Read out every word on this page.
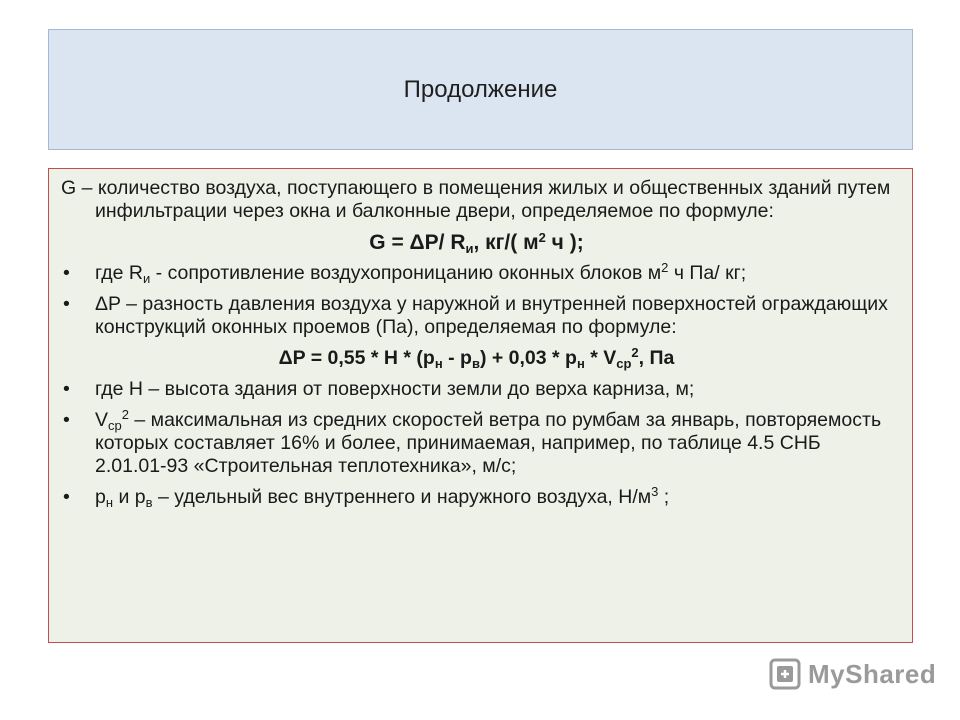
Продолжение

G – количество воздуха, поступающего в помещения жилых и общественных зданий путем инфильтрации через окна и балконные двери, определяемое по формуле:

G = ΔP/ $R_и$, кг/( $м^2$ ч );

• где $R_и$ - сопротивление воздухопроницанию оконных блоков $м^2$ ч Па/ кг;
• ΔP – разность давления воздуха у наружной и внутренней поверхностей ограждающих конструкций оконных проемов (Па), определяемая по формуле:

$\Delta P = 0,55 * H * (p_н - p_в) + 0,03 * p_н * V_{ср}^2$, Па

• где H – высота здания от поверхности земли до верха карниза, м;
• $V_{ср}^2$ – максимальная из средних скоростей ветра по румбам за январь, повторяемость которых составляет 16% и более, принимаемая, например, по таблице 4.5 СНБ 2.01.01-93 «Строительная теплотехника», м/с;
• $p_н$ и $p_в$ – удельный вес внутреннего и наружного воздуха, $Н/м^3$ ;
MyShared
